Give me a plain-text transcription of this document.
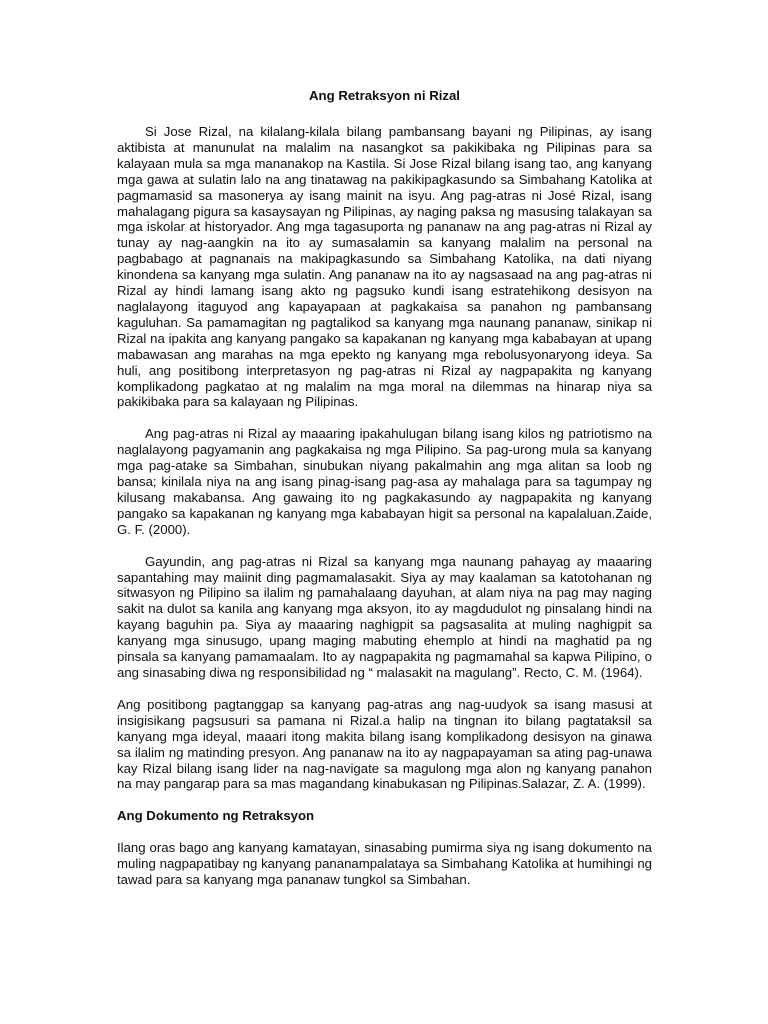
Ang Retraksyon ni Rizal

Si Jose Rizal, na kilalang-kilala bilang pambansang bayani ng Pilipinas, ay isang aktibista at manunulat na malalim na nasangkot sa pakikibaka ng Pilipinas para sa kalayaan mula sa mga mananakop na Kastila. Si Jose Rizal bilang isang tao, ang kanyang mga gawa at sulatin lalo na ang tinatawag na pakikipagkasundo sa Simbahang Katolika at pagmamasid sa masonerya ay isang mainit na isyu. Ang pag-atras ni José Rizal, isang mahalagang pigura sa kasaysayan ng Pilipinas, ay naging paksa ng masusing talakayan sa mga iskolar at historyador. Ang mga tagasuporta ng pananaw na ang pag-atras ni Rizal ay tunay ay nag-aangkin na ito ay sumasalamin sa kanyang malalim na personal na pagbabago at pagnanais na makipagkasundo sa Simbahang Katolika, na dati niyang kinondena sa kanyang mga sulatin. Ang pananaw na ito ay nagsasaad na ang pag-atras ni Rizal ay hindi lamang isang akto ng pagsuko kundi isang estratehikong desisyon na naglalayong itaguyod ang kapayapaan at pagkakaisa sa panahon ng pambansang kaguluhan. Sa pamamagitan ng pagtalikod sa kanyang mga naunang pananaw, sinikap ni Rizal na ipakita ang kanyang pangako sa kapakanan ng kanyang mga kababayan at upang mabawasan ang marahas na mga epekto ng kanyang mga rebolusyonaryong ideya. Sa huli, ang positibong interpretasyon ng pag-atras ni Rizal ay nagpapakita ng kanyang komplikadong pagkatao at ng malalim na mga moral na dilemmas na hinarap niya sa pakikibaka para sa kalayaan ng Pilipinas.

Ang pag-atras ni Rizal ay maaaring ipakahulugan bilang isang kilos ng patriotismo na naglalayong pagyamanin ang pagkakaisa ng mga Pilipino. Sa pag-urong mula sa kanyang mga pag-atake sa Simbahan, sinubukan niyang pakalmahin ang mga alitan sa loob ng bansa; kinilala niya na ang isang pinag-isang pag-asa ay mahalaga para sa tagumpay ng kilusang makabansa. Ang gawaing ito ng pagkakasundo ay nagpapakita ng kanyang pangako sa kapakanan ng kanyang mga kababayan higit sa personal na kapalaluan.Zaide, G. F. (2000).

Gayundin, ang pag-atras ni Rizal sa kanyang mga naunang pahayag ay maaaring sapantahing may maiinit ding pagmamalasakit. Siya ay may kaalaman sa katotohanan ng sitwasyon ng Pilipino sa ilalim ng pamahalaang dayuhan, at alam niya na pag may naging sakit na dulot sa kanila ang kanyang mga aksyon, ito ay magdudulot ng pinsalang hindi na kayang baguhin pa. Siya ay maaaring naghigpit sa pagsasalita at muling naghigpit sa kanyang mga sinusugo, upang maging mabuting ehemplo at hindi na maghatid pa ng pinsala sa kanyang pamamaalam. Ito ay nagpapakita ng pagmamahal sa kapwa Pilipino, o ang sinasabing diwa ng responsibilidad ng “ malasakit na magulang”. Recto, C. M. (1964).

Ang positibong pagtanggap sa kanyang pag-atras ang nag-uudyok sa isang masusi at insigisikang pagsusuri sa pamana ni Rizal.a halip na tingnan ito bilang pagtataksil sa kanyang mga ideyal, maaari itong makita bilang isang komplikadong desisyon na ginawa sa ilalim ng matinding presyon. Ang pananaw na ito ay nagpapayaman sa ating pag-unawa kay Rizal bilang isang lider na nag-navigate sa magulong mga alon ng kanyang panahon na may pangarap para sa mas magandang kinabukasan ng Pilipinas.Salazar, Z. A. (1999).

Ang Dokumento ng Retraksyon

Ilang oras bago ang kanyang kamatayan, sinasabing pumirma siya ng isang dokumento na muling nagpapatibay ng kanyang pananampalataya sa Simbahang Katolika at humihingi ng tawad para sa kanyang mga pananaw tungkol sa Simbahan.
